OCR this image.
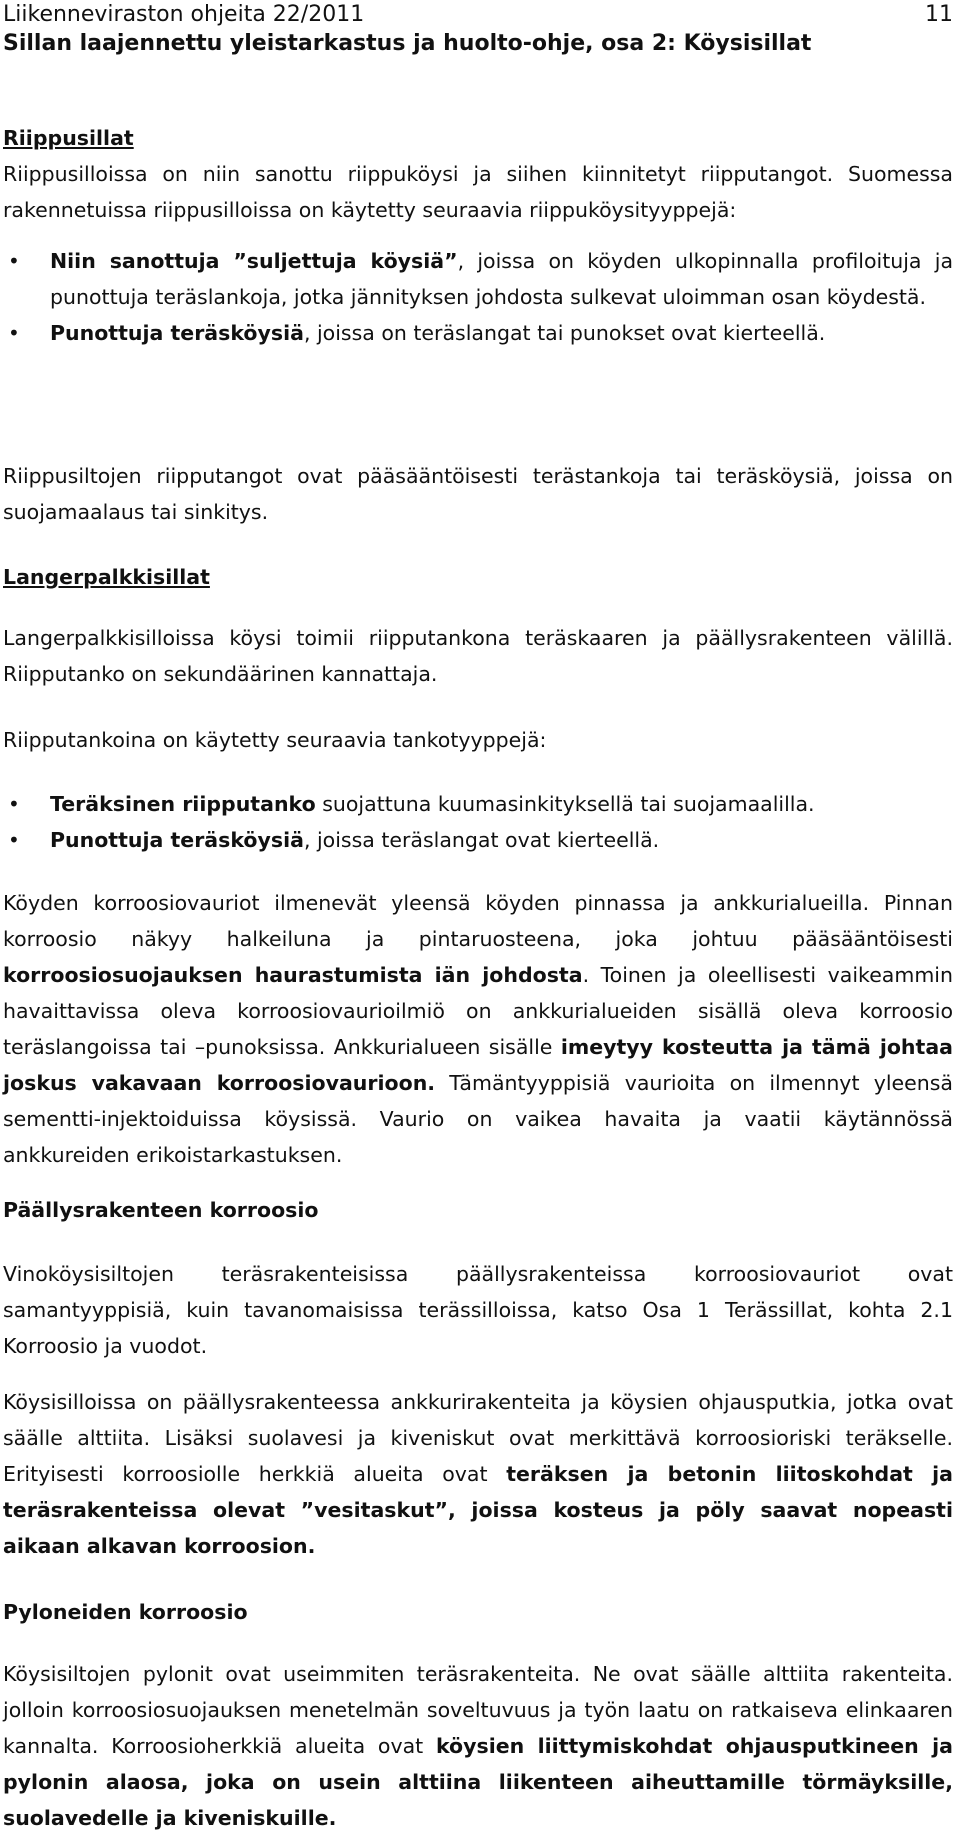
Liikenneviraston ohjeita 22/2011
Sillan laajennettu yleistarkastus ja huolto-ohje, osa 2: Köysisillat
11
Riippusillat

Riippusilloissa on niin sanottu riippuköysi ja siihen kiinnitetyt riipputangot. Suomessa rakennetuissa riippusilloissa on käytetty seuraavia riippuköysityyppejä:

• Niin sanottuja ”suljettuja köysiä”, joissa on köyden ulkopinnalla profiloituja ja punottuja teräslankoja, jotka jännityksen johdosta sulkevat uloimman osan köydestä.
• Punottuja teräsköysiä, joissa on teräslangat tai punokset ovat kierteellä.

Riippusiltojen riipputangot ovat pääsääntöisesti terästankoja tai teräsköysiä, joissa on suojamaalaus tai sinkitys.

Langerpalkkisillat

Langerpalkkisilloissa köysi toimii riipputankona teräskaaren ja päällysrakenteen välillä. Riipputanko on sekundäärinen kannattaja.

Riipputankoina on käytetty seuraavia tankotyyppejä:

• Teräksinen riipputanko suojattuna kuumasinkityksellä tai suojamaalilla.
• Punottuja teräsköysiä, joissa teräslangat ovat kierteellä.

Köyden korroosiovauriot ilmenevät yleensä köyden pinnassa ja ankkurialueilla. Pinnan korroosio näkyy halkeiluna ja pintaruosteena, joka johtuu pääsääntöisesti korroosiosuojauksen haurastumista iän johdosta. Toinen ja oleellisesti vaikeammin havaittavissa oleva korroosiovaurioilmiö on ankkurialueiden sisällä oleva korroosio teräslangoissa tai –punoksissa. Ankkurialueen sisälle imeytyy kosteutta ja tämä johtaa joskus vakavaan korroosiovaurioon. Tämäntyyppisiä vaurioita on ilmennyt yleensä sementti-injektoiduissa köysissä. Vaurio on vaikea havaita ja vaatii käytännössä ankkureiden erikoistarkastuksen.

Päällysrakenteen korroosio

Vinoköysisiltojen teräsrakenteisissa päällysrakenteissa korroosiovauriot ovat samantyyppisiä, kuin tavanomaisissa terässilloissa, katso Osa 1 Terässillat, kohta 2.1 Korroosio ja vuodot.

Köysisilloissa on päällysrakenteessa ankkurirakenteita ja köysien ohjausputkia, jotka ovat säälle alttiita. Lisäksi suolavesi ja kiveniskut ovat merkittävä korroosioriski teräkselle. Erityisesti korroosiolle herkkiä alueita ovat teräksen ja betonin liitoskohdat ja teräsrakenteissa olevat ”vesitaskut”, joissa kosteus ja pöly saavat nopeasti aikaan alkavan korroosion.

Pyloneiden korroosio

Köysisiltojen pylonit ovat useimmiten teräsrakenteita. Ne ovat säälle alttiita rakenteita. jolloin korroosiosuojauksen menetelmän soveltuvuus ja työn laatu on ratkaiseva elinkaaren kannalta. Korroosioherkkiä alueita ovat köysien liittymiskohdat ohjausputkineen ja pylonin alaosa, joka on usein alttiina liikenteen aiheuttamille törmäyksille, suolavedelle ja kiveniskuille.
